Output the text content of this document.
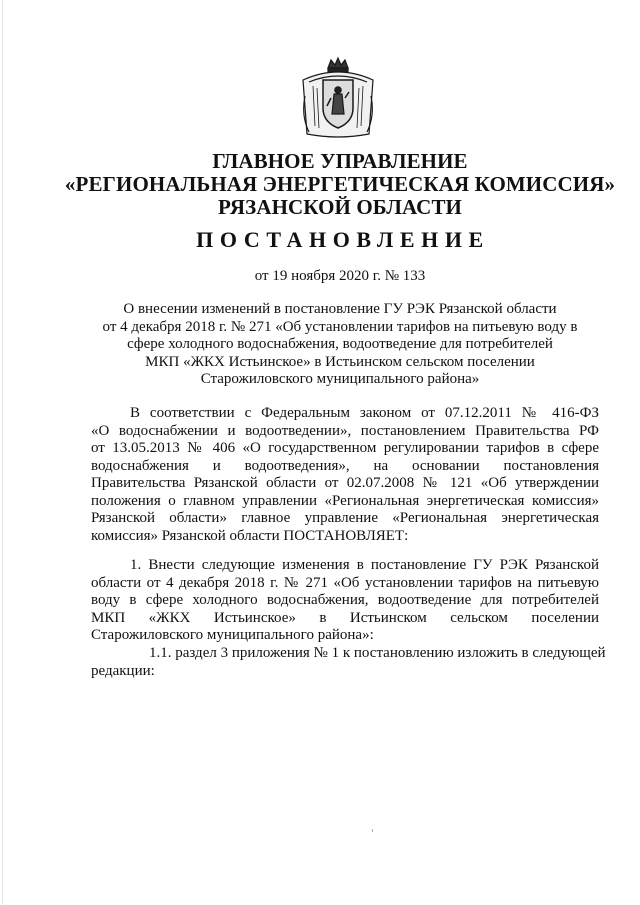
ГЛАВНОЕ УПРАВЛЕНИЕ
«РЕГИОНАЛЬНАЯ ЭНЕРГЕТИЧЕСКАЯ КОМИССИЯ»
РЯЗАНСКОЙ ОБЛАСТИ
ПОСТАНОВЛЕНИЕ
от 19 ноября 2020 г. № 133
О внесении изменений в постановление ГУ РЭК Рязанской области
от 4 декабря 2018 г. № 271 «Об установлении тарифов на питьевую воду в
сфере холодного водоснабжения, водоотведение для потребителей
МКП «ЖКХ Истьинское» в Истьинском сельском поселении
Старожиловского муниципального района»
В соответствии с Федеральным законом от 07.12.2011 № 416-ФЗ
«О водоснабжении и водоотведении», постановлением Правительства РФ
от 13.05.2013 № 406 «О государственном регулировании тарифов в сфере
водоснабжения и водоотведения», на основании постановления
Правительства Рязанской области от 02.07.2008 № 121 «Об утверждении
положения о главном управлении «Региональная энергетическая комиссия»
Рязанской области» главное управление «Региональная энергетическая
комиссия» Рязанской области ПОСТАНОВЛЯЕТ:
1. Внести следующие изменения в постановление ГУ РЭК Рязанской
области от 4 декабря 2018 г. № 271 «Об установлении тарифов на питьевую
воду в сфере холодного водоснабжения, водоотведение для потребителей
МКП «ЖКХ Истьинское» в Истьинском сельском поселении
Старожиловского муниципального района»:
1.1. раздел 3 приложения № 1 к постановлению изложить в следующей
редакции:
